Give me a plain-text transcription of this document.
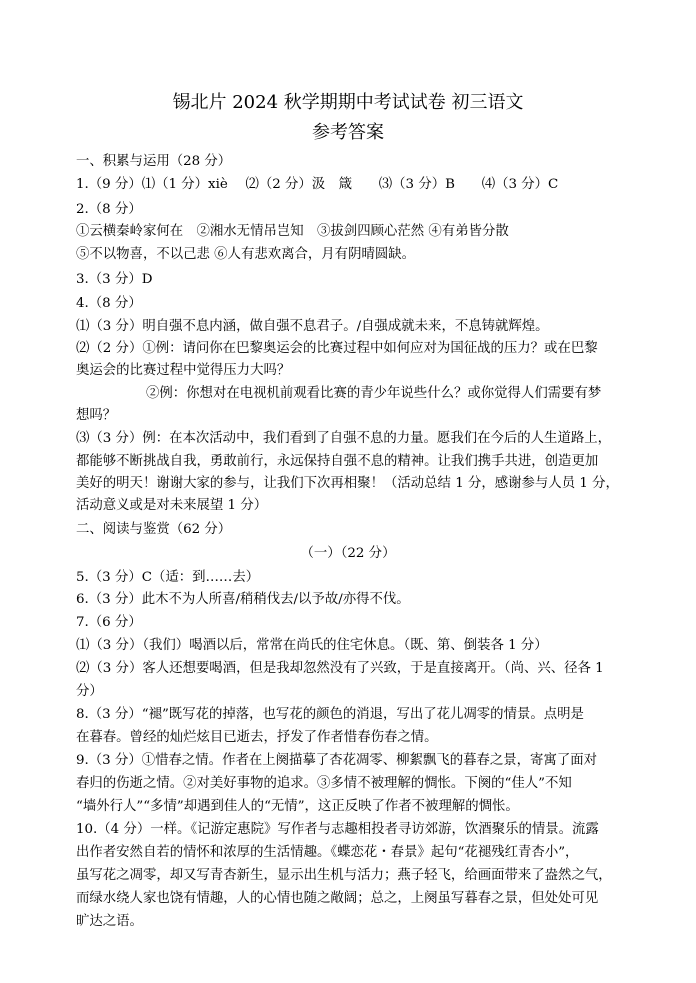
锡北片 2024 秋学期期中考试试卷 初三语文
参考答案
一、积累与运用（28 分）
1.（9 分）⑴（1 分）xiè　 ⑵（2 分）汲　箴　　⑶（3 分）B　　⑷（3 分）C
2.（8 分）
①云横秦岭家何在　②湘水无情吊岂知　③拔剑四顾心茫然 ④有弟皆分散
⑤不以物喜，不以己悲 ⑥人有悲欢离合，月有阴晴圆缺。
3.（3 分）D
4.（8 分）
⑴（3 分）明自强不息内涵，做自强不息君子。/自强成就未来，不息铸就辉煌。
⑵（2 分）①例：请问你在巴黎奥运会的比赛过程中如何应对为国征战的压力？或在巴黎
奥运会的比赛过程中觉得压力大吗？
②例：你想对在电视机前观看比赛的青少年说些什么？或你觉得人们需要有梦
想吗？
⑶（3 分）例：在本次活动中，我们看到了自强不息的力量。愿我们在今后的人生道路上，
都能够不断挑战自我，勇敢前行，永远保持自强不息的精神。让我们携手共进，创造更加
美好的明天！谢谢大家的参与，让我们下次再相聚！（活动总结 1 分，感谢参与人员 1 分，
活动意义或是对未来展望 1 分）
二、阅读与鉴赏（62 分）
（一）（22 分）
5.（3 分）C（适：到……去）
6.（3 分）此木不为人所喜/稍稍伐去/以予故/亦得不伐。
7.（6 分）
⑴（3 分）（我们）喝酒以后，常常在尚氏的住宅休息。（既、第、倒装各 1 分）
⑵（3 分）客人还想要喝酒，但是我却忽然没有了兴致，于是直接离开。（尚、兴、径各 1
分）
8.（3 分）“褪”既写花的掉落，也写花的颜色的消退，写出了花儿凋零的情景。点明是
在暮春。曾经的灿烂炫目已逝去，抒发了作者惜春伤春之情。
9.（3 分）①惜春之情。作者在上阕描摹了杏花凋零、柳絮飘飞的暮春之景，寄寓了面对
春归的伤逝之情。②对美好事物的追求。③多情不被理解的惆怅。下阕的“佳人”不知
“墙外行人”“多情”却遇到佳人的“无情”，这正反映了作者不被理解的惆怅。
10.（4 分）一样。《记游定惠院》写作者与志趣相投者寻访郊游，饮酒聚乐的情景。流露
出作者安然自若的情怀和浓厚的生活情趣。《蝶恋花・春景》起句“花褪残红青杏小”，
虽写花之凋零，却又写青杏新生，显示出生机与活力；燕子轻飞，给画面带来了盎然之气，
而绿水绕人家也饶有情趣，人的心情也随之敞阔；总之，上阕虽写暮春之景，但处处可见
旷达之语。
